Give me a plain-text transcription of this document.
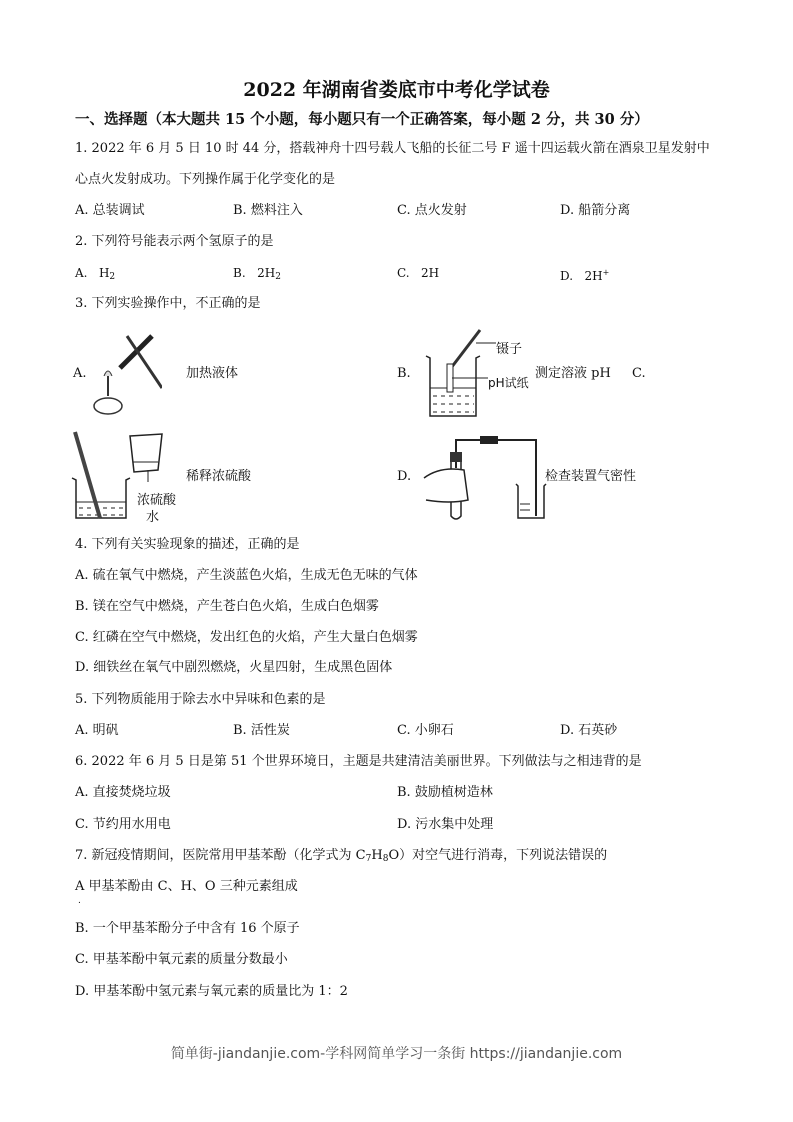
2022 年湖南省娄底市中考化学试卷
一、选择题（本大题共 15 个小题，每小题只有一个正确答案，每小题 2 分，共 30 分）
1. 2022 年 6 月 5 日 10 时 44 分，搭载神舟十四号载人飞船的长征二号 F 遥十四运载火箭在酒泉卫星发射中
心点火发射成功。下列操作属于化学变化的是
A. 总装调试	B. 燃料注入	C. 点火发射	D. 船箭分离
2. 下列符号能表示两个氢原子的是
A. $H_2$	B. $2H_2$	C. 2H	D. 2H+
3. 下列实验操作中，不正确的是
A.	加热液体	B.
镊子
pH试纸
测定溶液 pH C.
浓硫酸
水
稀释浓硫酸	D.	检查装置气密性
4. 下列有关实验现象的描述，正确的是
A. 硫在氧气中燃烧，产生淡蓝色火焰，生成无色无味的气体
B. 镁在空气中燃烧，产生苍白色火焰，生成白色烟雾
C. 红磷在空气中燃烧，发出红色的火焰，产生大量白色烟雾
D. 细铁丝在氧气中剧烈燃烧，火星四射，生成黑色固体
5. 下列物质能用于除去水中异味和色素的是
A. 明矾	B. 活性炭	C. 小卵石	D. 石英砂
6. 2022 年 6 月 5 日是第 51 个世界环境日，主题是共建清洁美丽世界。下列做法与之相违背的是
A. 直接焚烧垃圾	B. 鼓励植树造林
C. 节约用水用电	D. 污水集中处理
7. 新冠疫情期间，医院常用甲基苯酚（化学式为 $C_7H_8O$）对空气进行消毒，下列说法错误的
A 甲基苯酚由 C、H、O 三种元素组成
.
B. 一个甲基苯酚分子中含有 16 个原子
C. 甲基苯酚中氧元素的质量分数最小
D. 甲基苯酚中氢元素与氧元素的质量比为 1：2
简单街-jiandanjie.com-学科网简单学习一条街 https://jiandanjie.com
